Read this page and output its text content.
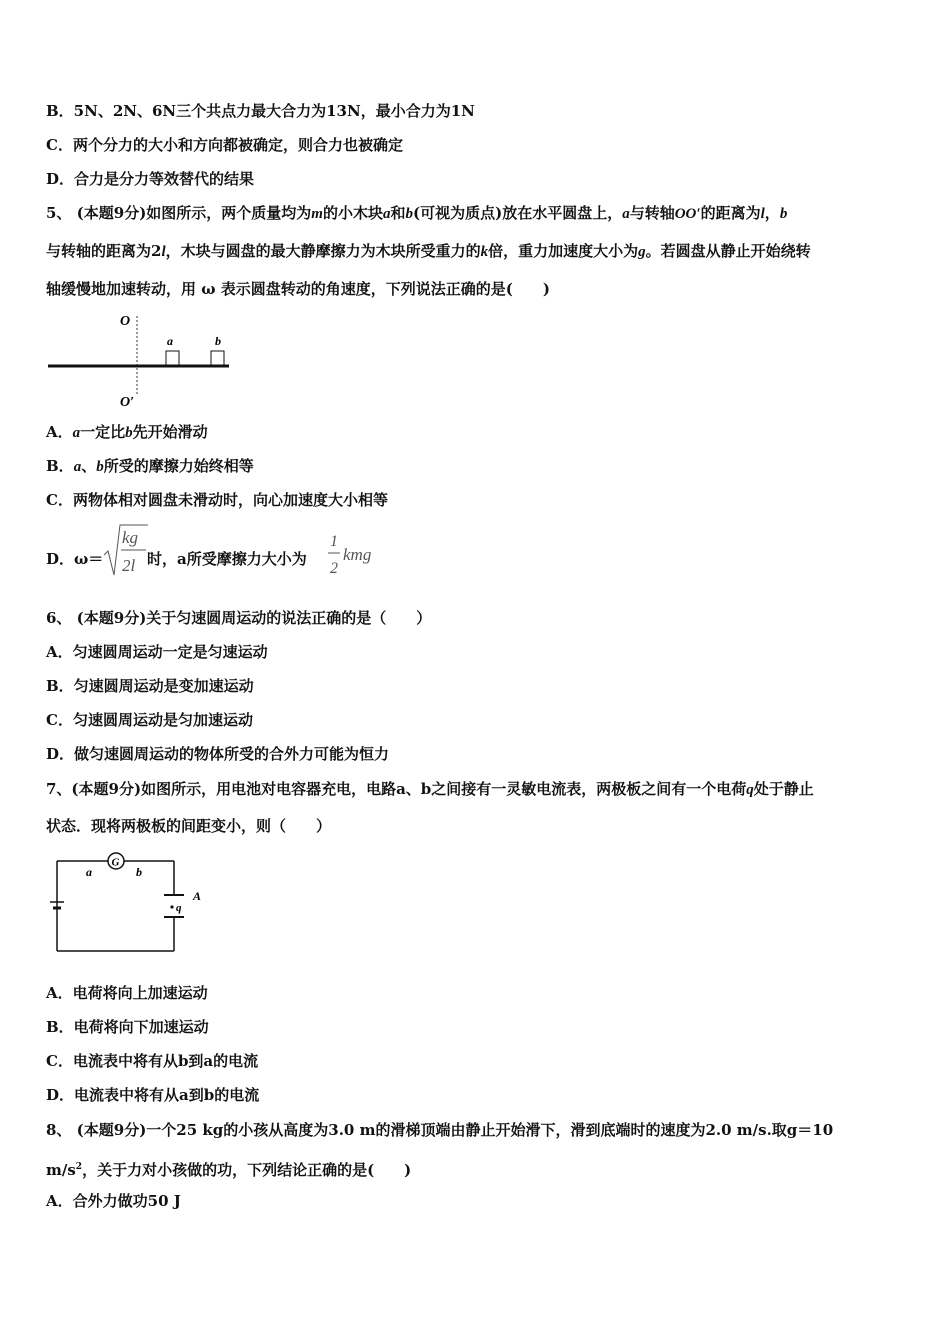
B．5N、2N、6N三个共点力最大合力为13N，最小合力为1N
C．两个分力的大小和方向都被确定，则合力也被确定
D．合力是分力等效替代的结果
5、 (本题9分)如图所示，两个质量均为m的小木块a和b(可视为质点)放在水平圆盘上，a与转轴OO′的距离为l，b
与转轴的距离为2l，木块与圆盘的最大静摩擦力为木块所受重力的k倍，重力加速度大小为g。若圆盘从静止开始绕转
轴缓慢地加速转动，用 ω 表示圆盘转动的角速度，下列说法正确的是(　　)
O
O′
a	b
A．a一定比b先开始滑动
B．a、b所受的摩擦力始终相等
C．两物体相对圆盘未滑动时，向心加速度大小相等
D．ω＝
kg
2l 时，a所受摩擦力大小为
1
2
kmg
6、 (本题9分)关于匀速圆周运动的说法正确的是（　　）
A．匀速圆周运动一定是匀速运动
B．匀速圆周运动是变加速运动
C．匀速圆周运动是匀加速运动
D．做匀速圆周运动的物体所受的合外力可能为恒力
7、(本题9分)如图所示，用电池对电容器充电，电路a、b之间接有一灵敏电流表，两极板之间有一个电荷q处于静止
状态．现将两极板的间距变小，则（　　）
G
a	b
A
q
A．电荷将向上加速运动
B．电荷将向下加速运动
C．电流表中将有从b到a的电流
D．电流表中将有从a到b的电流
8、 (本题9分)一个25 kg的小孩从高度为3.0 m的滑梯顶端由静止开始滑下，滑到底端时的速度为2.0 m/s.取g＝10
$m/s^2$，关于力对小孩做的功，下列结论正确的是(　　)
A．合外力做功50 J
